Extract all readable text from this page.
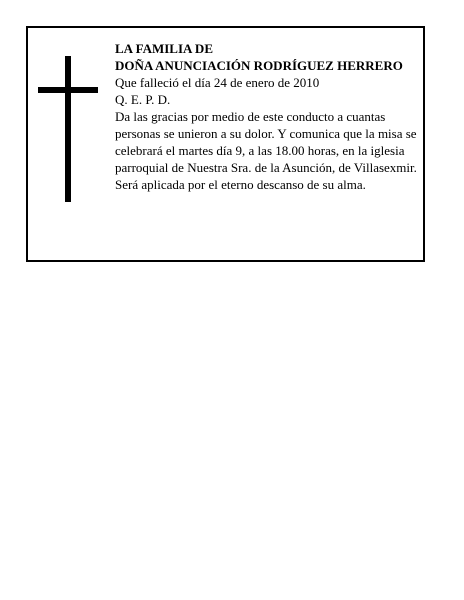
LA FAMILIA DE
DOÑA ANUNCIACIÓN RODRÍGUEZ HERRERO
Que falleció el día 24 de enero de 2010
Q. E. P. D.
Da las gracias por medio de este conducto a cuantas personas se unieron a su dolor. Y comunica que la misa se celebrará el martes día 9, a las 18.00 horas, en la iglesia parroquial de Nuestra Sra. de la Asunción, de Villasexmir. Será aplicada por el eterno descanso de su alma.
